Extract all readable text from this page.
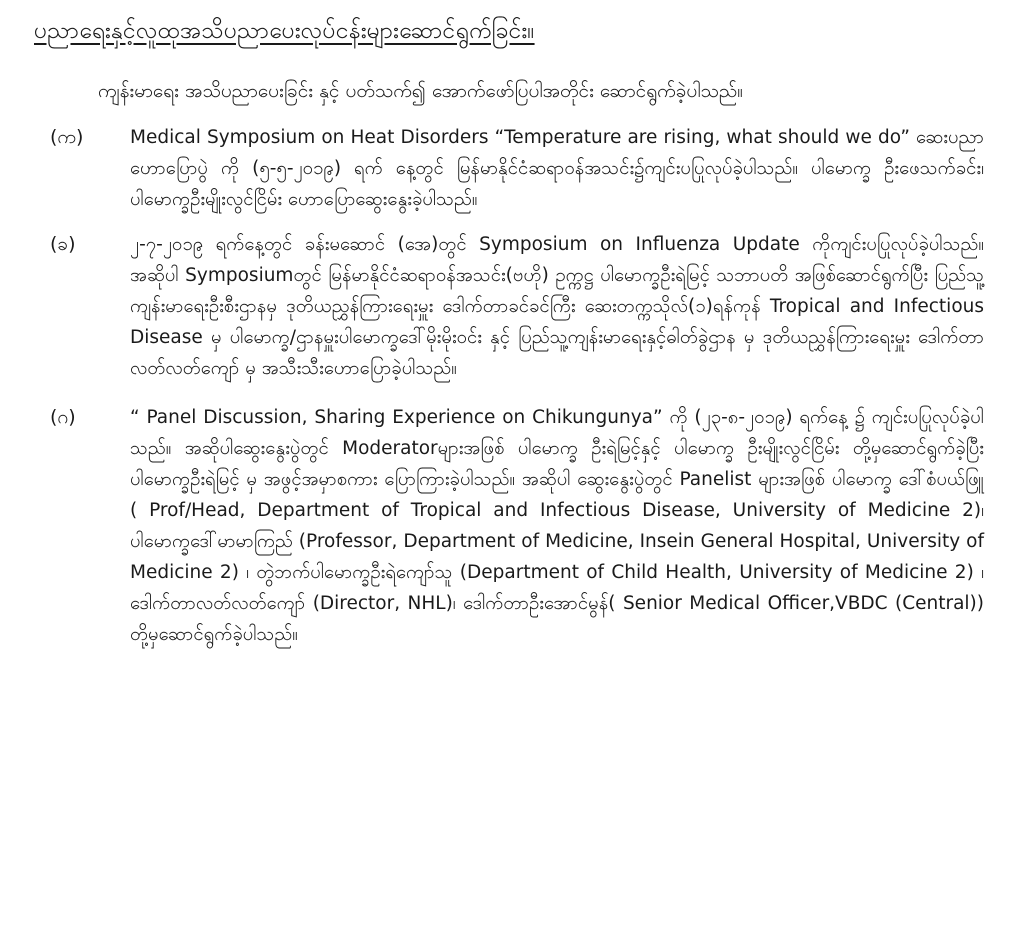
ပညာရေးနှင့်လူထုအသိပညာပေးလုပ်ငန်းများဆောင်ရွက်ခြင်း။
ကျန်းမာရေး အသိပညာပေးခြင်း နှင့် ပတ်သက်၍ အောက်ဖော်ပြပါအတိုင်း ဆောင်ရွက်ခဲ့ပါသည်။
(က)	Medical Symposium on Heat Disorders “Temperature are rising, what should we do” ဆေးပညာဟောပြောပွဲ ကို (၅-၅-၂၀၁၉) ရက် နေ့တွင် မြန်မာနိုင်ငံဆရာဝန်အသင်း၌ကျင်းပပြုလုပ်ခဲ့ပါသည်။ ပါမောက္ခ ဦးဖေသက်ခင်း၊ ပါမောက္ခဦးမျိုးလွင်ငြိမ်း ဟောပြောဆွေးနွေးခဲ့ပါသည်။

(ခ)	၂-၇-၂၀၁၉ ရက်နေ့တွင် ခန်းမဆောင် (အေ)တွင် Symposium on Influenza Update ကိုကျင်းပပြုလုပ်ခဲ့ပါသည်။ အဆိုပါ Symposiumတွင် မြန်မာနိုင်ငံဆရာဝန်အသင်း(ဗဟို) ဥက္ကဋ္ဌ ပါမောက္ခဦးရဲမြင့် သဘာပတိ အဖြစ်ဆောင်ရွက်ပြီး ပြည်သူ့ကျန်းမာရေးဦးစီးဌာနမှ ဒုတိယညွှန်ကြားရေးမှူး ဒေါက်တာခင်ခင်ကြီး ဆေးတက္ကသိုလ်(၁)ရန်ကုန် Tropical and Infectious Disease မှ ပါမောက္ခ/ဌာနမှူးပါမောက္ခဒေါ်မိုးမိုးဝင်း နှင့် ပြည်သူ့ကျန်းမာရေးနှင့်ဓါတ်ခွဲဌာန မှ ဒုတိယညွှန်ကြားရေးမှူး ဒေါက်တာ လတ်လတ်ကျော် မှ အသီးသီးဟောပြောခဲ့ပါသည်။

(ဂ)	“ Panel Discussion, Sharing Experience on Chikungunya” ကို (၂၃-၈-၂၀၁၉) ရက်နေ့ ၌ ကျင်းပပြုလုပ်ခဲ့ပါ သည်။ အဆိုပါဆွေးနွေးပွဲတွင် Moderatorများအဖြစ် ပါမောက္ခ ဦးရဲမြင့်နှင့် ပါမောက္ခ ဦးမျိုးလွင်ငြိမ်း တို့မှဆောင်ရွက်ခဲ့ပြီး ပါမောက္ခဦးရဲမြင့် မှ အဖွင့်အမှာစကား ပြောကြားခဲ့ပါသည်။ အဆိုပါ ဆွေးနွေးပွဲတွင် Panelist များအဖြစ် ပါမောက္ခ ဒေါ်စံပယ်ဖြူ ( Prof/Head, Department of Tropical and Infectious Disease, University of Medicine 2)၊ ပါမောက္ခဒေါ်မာမာကြည် (Professor, Department of Medicine, Insein General Hospital, University of Medicine 2) ၊ တွဲဘက်ပါမောက္ခဦးရဲကျော်သူ (Department of Child Health, University of Medicine 2) ၊ ဒေါက်တာလတ်လတ်ကျော် (Director, NHL)၊ ဒေါက်တာဦးအောင်မွန်( Senior Medical Officer,VBDC (Central)) တို့မှဆောင်ရွက်ခဲ့ပါသည်။
